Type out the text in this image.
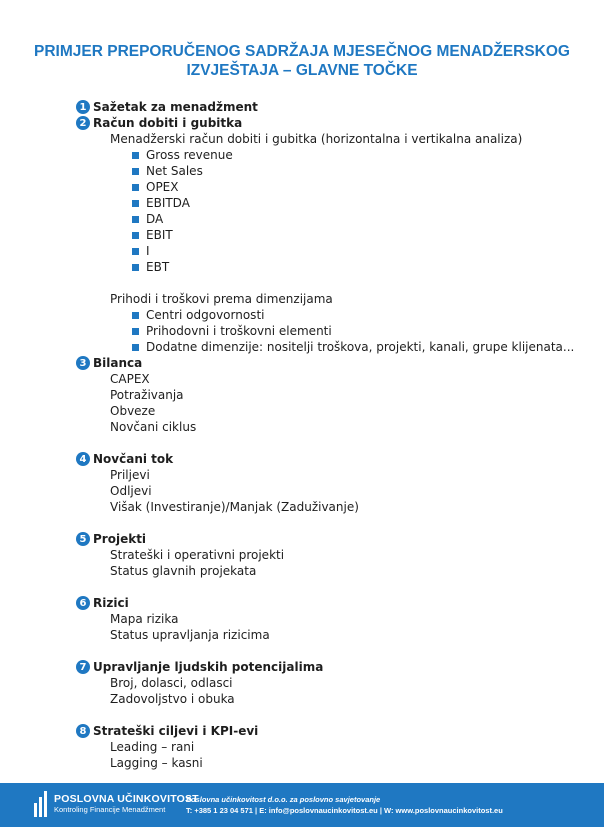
PRIMJER PREPORUČENOG SADRŽAJA MJESEČNOG MENADŽERSKOG
IZVJEŠTAJA – GLAVNE TOČKE
1 Sažetak za menadžment
2 Račun dobiti i gubitka
Menadžerski račun dobiti i gubitka (horizontalna i vertikalna analiza)
Gross revenue
Net Sales
OPEX
EBITDA
DA
EBIT
I
EBT
Prihodi i troškovi prema dimenzijama
Centri odgovornosti
Prihodovni i troškovni elementi
Dodatne dimenzije: nositelji troškova, projekti, kanali, grupe klijenata...
3 Bilanca
CAPEX
Potraživanja
Obveze
Novčani ciklus
4 Novčani tok
Priljevi
Odljevi
Višak (Investiranje)/Manjak (Zaduživanje)
5 Projekti
Strateški i operativni projekti
Status glavnih projekata
6 Rizici
Mapa rizika
Status upravljanja rizicima
7 Upravljanje ljudskih potencijalima
Broj, dolasci, odlasci
Zadovoljstvo i obuka
8 Strateški ciljevi i KPI-evi
Leading – rani
Lagging – kasni
POSLOVNA UČINKOVITOST
Kontroling Financije Menadžment
Poslovna učinkovitost d.o.o. za poslovno savjetovanje
T: +385 1 23 04 571 | E: info@poslovnaucinkovitost.eu | W: www.poslovnaucinkovitost.eu
